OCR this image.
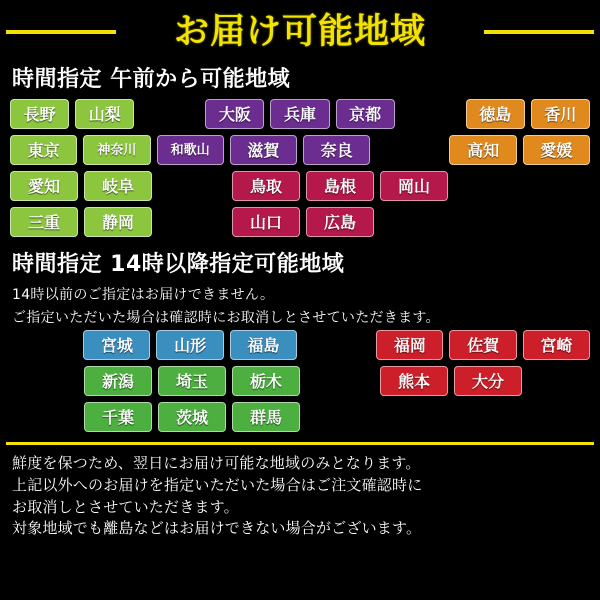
お届け可能地域
時間指定 午前から可能地域
長野	山梨	大阪	兵庫	京都	徳島	香川
東京	神奈川	和歌山	滋賀	奈良	高知	愛媛
愛知	岐阜	鳥取	島根	岡山
三重	静岡	山口	広島
時間指定 14時以降指定可能地域
14時以前のご指定はお届けできません。
ご指定いただいた場合は確認時にお取消しとさせていただきます。
宮城	山形	福島	福岡	佐賀	宮崎
新潟	埼玉	栃木	熊本	大分
千葉	茨城	群馬
鮮度を保つため、翌日にお届け可能な地域のみとなります。
上記以外へのお届けを指定いただいた場合はご注文確認時に
お取消しとさせていただきます。
対象地域でも離島などはお届けできない場合がございます。
